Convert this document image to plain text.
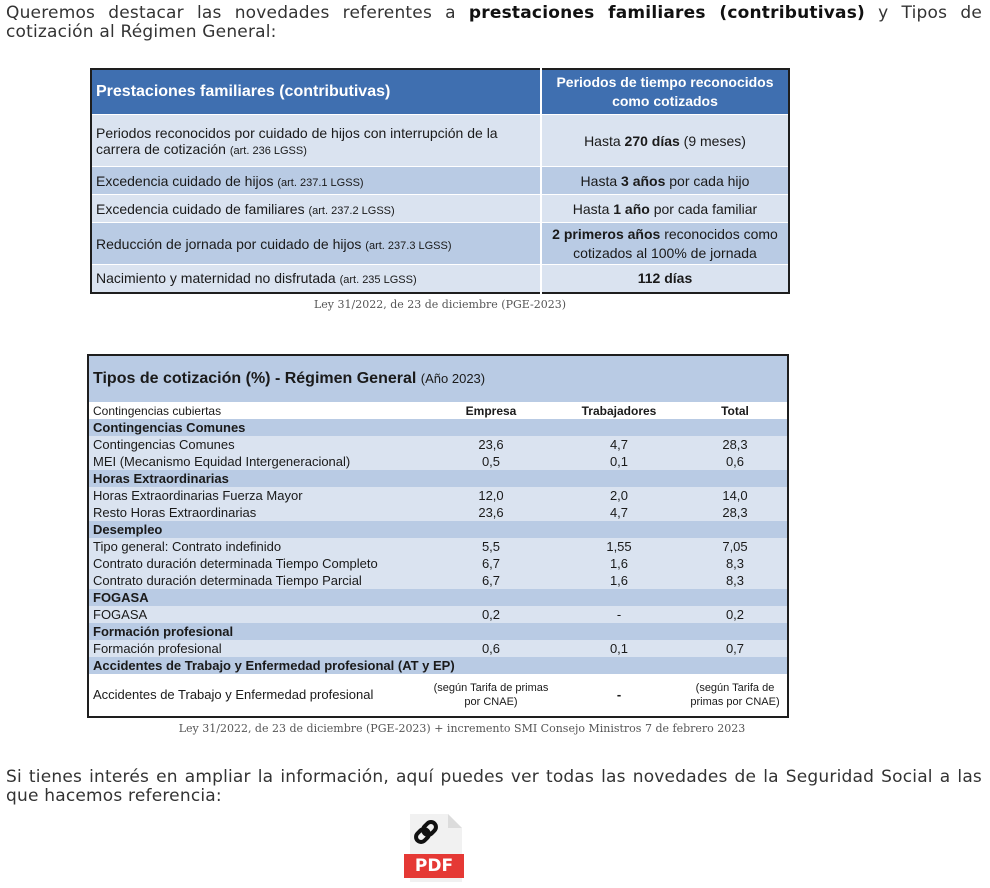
Queremos destacar las novedades referentes a prestaciones familiares (contributivas) y Tipos de cotización al Régimen General:

Prestaciones familiares (contributivas)	Periodos de tiempo reconocidos como cotizados
Periodos reconocidos por cuidado de hijos con interrupción de la carrera de cotización (art. 236 LGSS)	Hasta 270 días (9 meses)
Excedencia cuidado de hijos (art. 237.1 LGSS)	Hasta 3 años por cada hijo
Excedencia cuidado de familiares (art. 237.2 LGSS)	Hasta 1 año por cada familiar
Reducción de jornada por cuidado de hijos (art. 237.3 LGSS)	2 primeros años reconocidos como cotizados al 100% de jornada
Nacimiento y maternidad no disfrutada (art. 235 LGSS)	112 días
Ley 31/2022, de 23 de diciembre (PGE-2023)
Tipos de cotización (%) - Régimen General (Año 2023)			
Contingencias cubiertas	Empresa	Trabajadores	Total
Contingencias Comunes			
Contingencias Comunes	23,6	4,7	28,3
MEI (Mecanismo Equidad Intergeneracional)	0,5	0,1	0,6
Horas Extraordinarias			
Horas Extraordinarias Fuerza Mayor	12,0	2,0	14,0
Resto Horas Extraordinarias	23,6	4,7	28,3
Desempleo			
Tipo general: Contrato indefinido	5,5	1,55	7,05
Contrato duración determinada Tiempo Completo	6,7	1,6	8,3
Contrato duración determinada Tiempo Parcial	6,7	1,6	8,3
FOGASA			
FOGASA	0,2	-	0,2
Formación profesional			
Formación profesional	0,6	0,1	0,7
Accidentes de Trabajo y Enfermedad profesional (AT y EP)			
Accidentes de Trabajo y Enfermedad profesional	(según Tarifa de primas por CNAE)	-	(según Tarifa de primas por CNAE)
Ley 31/2022, de 23 de diciembre (PGE-2023) + incremento SMI Consejo Ministros 7 de febrero 2023

Si tienes interés en ampliar la información, aquí puedes ver todas las novedades de la Seguridad Social a las que hacemos referencia:

PDF
